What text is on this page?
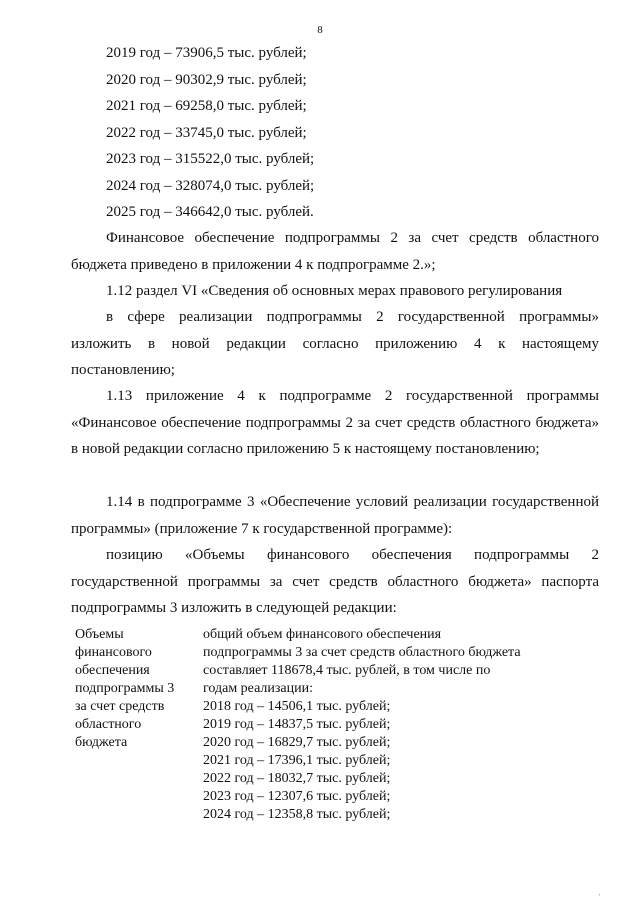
8
2019 год – 73906,5 тыс. рублей;
2020 год – 90302,9 тыс. рублей;
2021 год – 69258,0 тыс. рублей;
2022 год – 33745,0 тыс. рублей;
2023 год – 315522,0 тыс. рублей;
2024 год – 328074,0 тыс. рублей;
2025 год – 346642,0 тыс. рублей.
Финансовое обеспечение подпрограммы 2 за счет средств областного бюджета приведено в приложении 4 к подпрограмме 2.»;
1.12 раздел VI «Сведения об основных мерах правового регулирования
в сфере реализации подпрограммы 2 государственной программы» изложить в новой редакции согласно приложению 4 к настоящему постановлению;
1.13 приложение 4 к подпрограмме 2 государственной программы «Финансовое обеспечение подпрограммы 2 за счет средств областного бюджета» в новой редакции согласно приложению 5 к настоящему постановлению;
1.14 в подпрограмме 3 «Обеспечение условий реализации государственной программы» (приложение 7 к государственной программе):
позицию «Объемы финансового обеспечения подпрограммы 2 государственной программы за счет средств областного бюджета» паспорта подпрограммы 3 изложить в следующей редакции:
Объемы
финансового
обеспечения
подпрограммы 3
за счет средств
областного
бюджета
общий объем финансового обеспечения
подпрограммы 3 за счет средств областного бюджета
составляет 118678,4 тыс. рублей, в том числе по
годам реализации:
2018 год – 14506,1 тыс. рублей;
2019 год – 14837,5 тыс. рублей;
2020 год – 16829,7 тыс. рублей;
2021 год – 17396,1 тыс. рублей;
2022 год – 18032,7 тыс. рублей;
2023 год – 12307,6 тыс. рублей;
2024 год – 12358,8 тыс. рублей;
'
